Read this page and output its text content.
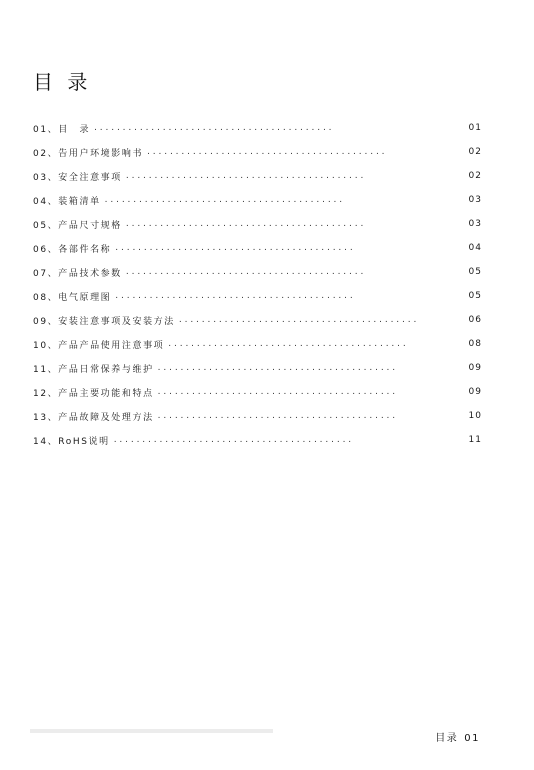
目 录
01、 目　录 . . . . . . . . . . . . . . . . . . . . . . . . . . . . . . . . . . . . . . . . . .	01
02、 告用户环境影响书 . . . . . . . . . . . . . . . . . . . . . . . . . . . . . . . . . . . . . . . . . .	02
03、 安全注意事项 . . . . . . . . . . . . . . . . . . . . . . . . . . . . . . . . . . . . . . . . . .	02
04、 装箱清单 . . . . . . . . . . . . . . . . . . . . . . . . . . . . . . . . . . . . . . . . . .	03
05、 产品尺寸规格 . . . . . . . . . . . . . . . . . . . . . . . . . . . . . . . . . . . . . . . . . .	03
06、 各部件名称 . . . . . . . . . . . . . . . . . . . . . . . . . . . . . . . . . . . . . . . . . .	04
07、 产品技术参数 . . . . . . . . . . . . . . . . . . . . . . . . . . . . . . . . . . . . . . . . . .	05
08、 电气原理图 . . . . . . . . . . . . . . . . . . . . . . . . . . . . . . . . . . . . . . . . . .	05
09、 安装注意事项及安装方法 . . . . . . . . . . . . . . . . . . . . . . . . . . . . . . . . . . . . . . . . . .	06
10、 产品产品使用注意事项 . . . . . . . . . . . . . . . . . . . . . . . . . . . . . . . . . . . . . . . . . .	08
11、 产品日常保养与维护 . . . . . . . . . . . . . . . . . . . . . . . . . . . . . . . . . . . . . . . . . .	09
12、 产品主要功能和特点 . . . . . . . . . . . . . . . . . . . . . . . . . . . . . . . . . . . . . . . . . .	09
13、 产品故障及处理方法 . . . . . . . . . . . . . . . . . . . . . . . . . . . . . . . . . . . . . . . . . .	10
14、 RoHS说明 . . . . . . . . . . . . . . . . . . . . . . . . . . . . . . . . . . . . . . . . . .	11
目录 01
